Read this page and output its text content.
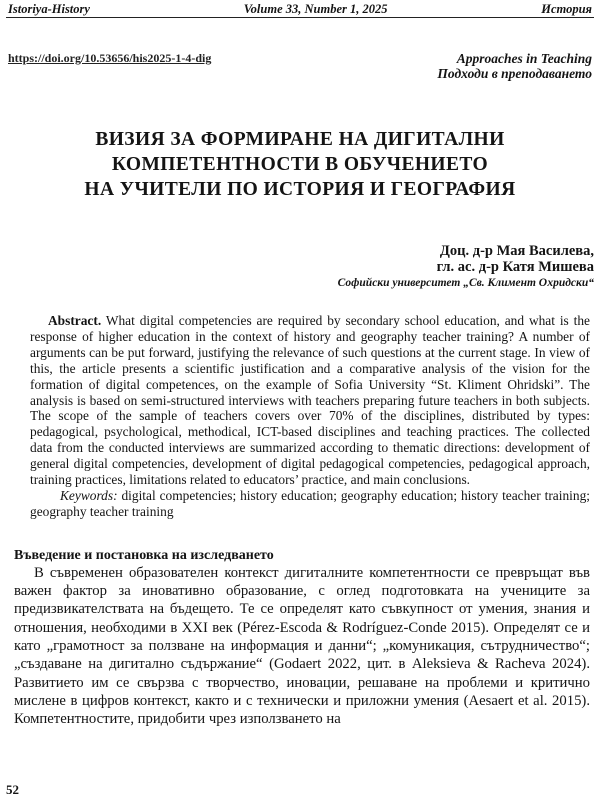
Istoriya-History	Volume 33, Number 1, 2025	История
https://doi.org/10.53656/his2025-1-4-dig	Approaches in Teaching
Подходи в преподаването
ВИЗИЯ ЗА ФОРМИРАНЕ НА ДИГИТАЛНИ
КОМПЕТЕНТНОСТИ В ОБУЧЕНИЕТО
НА УЧИТЕЛИ ПО ИСТОРИЯ И ГЕОГРАФИЯ
Доц. д-р Мая Василева,
гл. ас. д-р Катя Мишева
Софийски университет „Св. Климент Охридски“
Abstract. What digital competencies are required by secondary school education, and what is the response of higher education in the context of history and geography teacher training? A number of arguments can be put forward, justifying the relevance of such questions at the current stage. In view of this, the article presents a scientific justification and a comparative analysis of the vision for the formation of digital competences, on the example of Sofia University “St. Kliment Ohridski”. The analysis is based on semi-structured interviews with teachers preparing future teachers in both subjects. The scope of the sample of teachers covers over 70% of the disciplines, distributed by types: pedagogical, psychological, methodical, ICT-based disciplines and teaching practices. The collected data from the conducted interviews are summarized according to thematic directions: development of general digital competencies, development of digital pedagogical competencies, pedagogical approach, training practices, limitations related to educators’ practice, and main conclusions.
Keywords: digital competencies; history education; geography education; history teacher training; geography teacher training
Въведение и постановка на изследването
В съвременен образователен контекст дигиталните компетентности се превръщат във важен фактор за иновативно образование, с оглед подготовката на учениците за предизвикателствата на бъдещето. Те се определят като съвкупност от умения, знания и отношения, необходими в XXI век (Pérez-Escoda & Rodríguez-Conde 2015). Определят се и като „грамотност за ползване на информация и данни“; „комуникация, сътрудничество“; „създаване на дигитално съдържание“ (Godaert 2022, цит. в Aleksieva & Racheva 2024). Развитието им се свързва с творчество, иновации, решаване на проблеми и критично мислене в цифров контекст, както и с технически и приложни умения (Aesaert et al. 2015). Компетентностите, придобити чрез използването на
52
